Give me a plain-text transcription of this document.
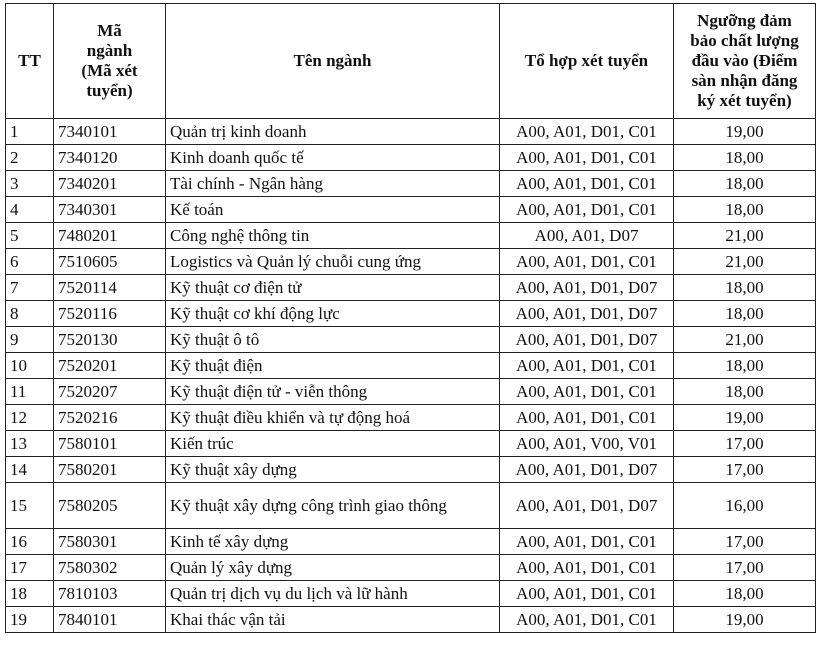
TT	Mã
ngành
(Mã xét
tuyển)	Tên ngành	Tổ hợp xét tuyển	Ngưỡng đảm
bảo chất lượng
đầu vào (Điểm
sàn nhận đăng
ký xét tuyển)
1	7340101	Quản trị kinh doanh	A00, A01, D01, C01	19,00
2	7340120	Kinh doanh quốc tế	A00, A01, D01, C01	18,00
3	7340201	Tài chính - Ngân hàng	A00, A01, D01, C01	18,00
4	7340301	Kế toán	A00, A01, D01, C01	18,00
5	7480201	Công nghệ thông tin	A00, A01, D07	21,00
6	7510605	Logistics và Quản lý chuỗi cung ứng	A00, A01, D01, C01	21,00
7	7520114	Kỹ thuật cơ điện tử	A00, A01, D01, D07	18,00
8	7520116	Kỹ thuật cơ khí động lực	A00, A01, D01, D07	18,00
9	7520130	Kỹ thuật ô tô	A00, A01, D01, D07	21,00
10	7520201	Kỹ thuật điện	A00, A01, D01, C01	18,00
11	7520207	Kỹ thuật điện tử - viễn thông	A00, A01, D01, C01	18,00
12	7520216	Kỹ thuật điều khiển và tự động hoá	A00, A01, D01, C01	19,00
13	7580101	Kiến trúc	A00, A01, V00, V01	17,00
14	7580201	Kỹ thuật xây dựng	A00, A01, D01, D07	17,00
15	7580205	Kỹ thuật xây dựng công trình giao thông	A00, A01, D01, D07	16,00
16	7580301	Kinh tế xây dựng	A00, A01, D01, C01	17,00
17	7580302	Quản lý xây dựng	A00, A01, D01, C01	17,00
18	7810103	Quản trị dịch vụ du lịch và lữ hành	A00, A01, D01, C01	18,00
19	7840101	Khai thác vận tải	A00, A01, D01, C01	19,00
